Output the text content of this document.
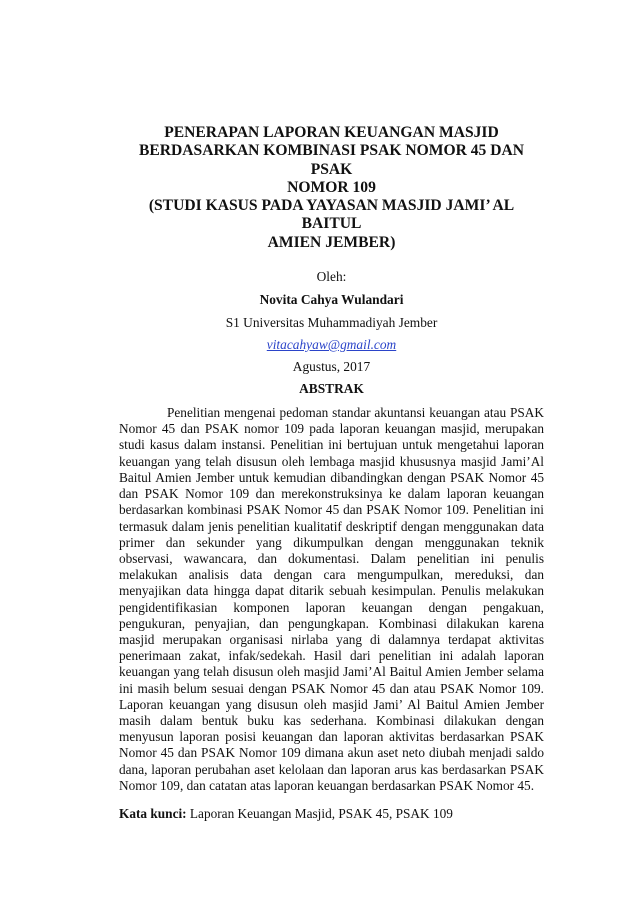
PENERAPAN LAPORAN KEUANGAN MASJID
BERDASARKAN KOMBINASI PSAK NOMOR 45 DAN PSAK
NOMOR 109
(STUDI KASUS PADA YAYASAN MASJID JAMI’ AL BAITUL
AMIEN JEMBER)
Oleh:
Novita Cahya Wulandari
S1 Universitas Muhammadiyah Jember
vitacahyaw@gmail.com
Agustus, 2017
ABSTRAK

Penelitian mengenai pedoman standar akuntansi keuangan atau PSAK Nomor 45 dan PSAK nomor 109 pada laporan keuangan masjid, merupakan studi kasus dalam instansi. Penelitian ini bertujuan untuk mengetahui laporan keuangan yang telah disusun oleh lembaga masjid khususnya masjid Jami’Al Baitul Amien Jember untuk kemudian dibandingkan dengan PSAK Nomor 45 dan PSAK Nomor 109 dan merekonstruksinya ke dalam laporan keuangan berdasarkan kombinasi PSAK Nomor 45 dan PSAK Nomor 109. Penelitian ini termasuk dalam jenis penelitian kualitatif deskriptif dengan menggunakan data primer dan sekunder yang dikumpulkan dengan menggunakan teknik observasi, wawancara, dan dokumentasi. Dalam penelitian ini penulis melakukan analisis data dengan cara mengumpulkan, mereduksi, dan menyajikan data hingga dapat ditarik sebuah kesimpulan. Penulis melakukan pengidentifikasian komponen laporan keuangan dengan pengakuan, pengukuran, penyajian, dan pengungkapan. Kombinasi dilakukan karena masjid merupakan organisasi nirlaba yang di dalamnya terdapat aktivitas penerimaan zakat, infak/sedekah. Hasil dari penelitian ini adalah laporan keuangan yang telah disusun oleh masjid Jami’Al Baitul Amien Jember selama ini masih belum sesuai dengan PSAK Nomor 45 dan atau PSAK Nomor 109. Laporan keuangan yang disusun oleh masjid Jami’ Al Baitul Amien Jember masih dalam bentuk buku kas sederhana. Kombinasi dilakukan dengan menyusun laporan posisi keuangan dan laporan aktivitas berdasarkan PSAK Nomor 45 dan PSAK Nomor 109 dimana akun aset neto diubah menjadi saldo dana, laporan perubahan aset kelolaan dan laporan arus kas berdasarkan PSAK Nomor 109, dan catatan atas laporan keuangan berdasarkan PSAK Nomor 45.

Kata kunci: Laporan Keuangan Masjid, PSAK 45, PSAK 109
